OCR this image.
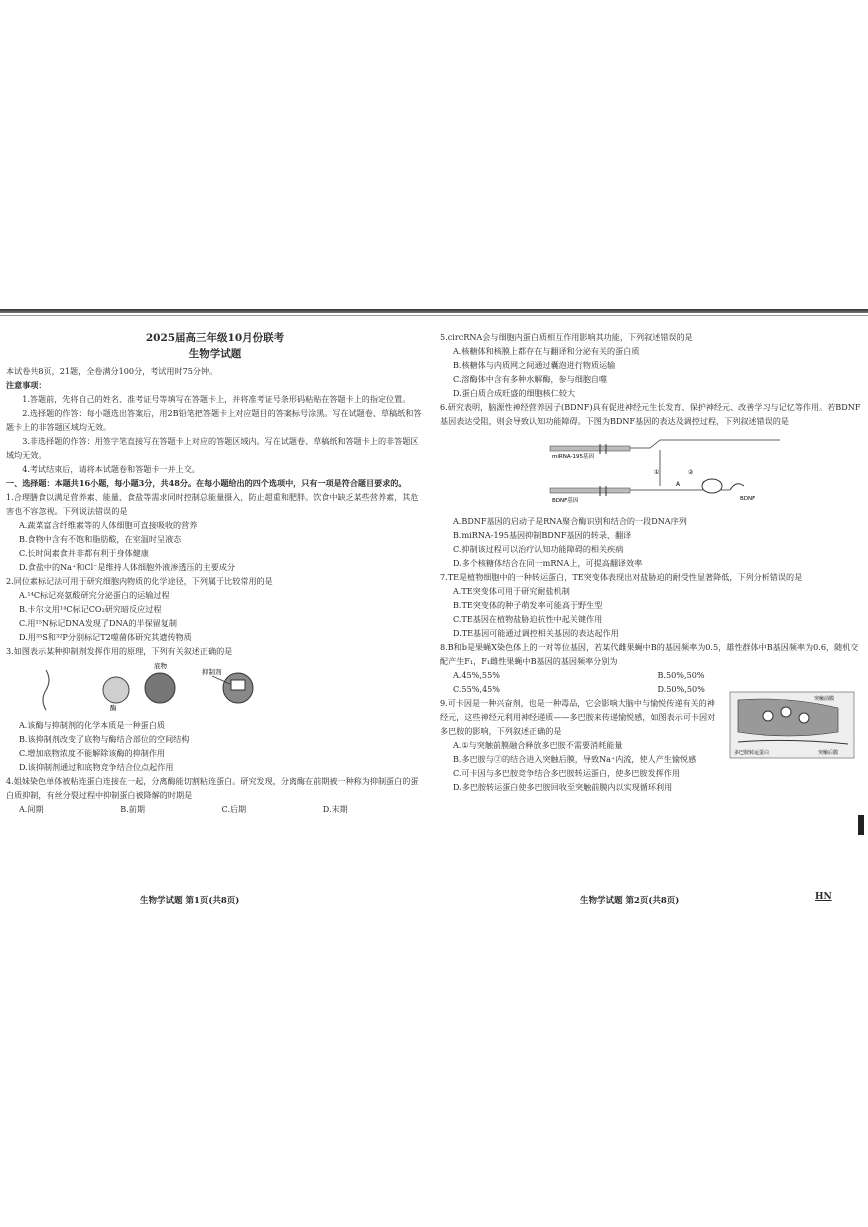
2025届高三年级10月份联考
生物学试题
本试卷共8页，21题，全卷满分100分，考试用时75分钟。
注意事项：
1.答题前，先将自己的姓名、准考证号等填写在答题卡上，并将准考证号条形码粘贴在答题卡上的指定位置。
2.选择题的作答：每小题选出答案后，用2B铅笔把答题卡上对应题目的答案标号涂黑。写在试题卷、草稿纸和答题卡上的非答题区域均无效。
3.非选择题的作答：用签字笔直接写在答题卡上对应的答题区域内。写在试题卷、草稿纸和答题卡上的非答题区域均无效。
4.考试结束后，请将本试题卷和答题卡一并上交。
一、选择题：本题共16小题，每小题3分，共48分。在每小题给出的四个选项中，只有一项是符合题目要求的。
1.合理膳食以满足营养素、能量、食盐等需求同时控制总能量摄入，防止超重和肥胖。饮食中缺乏某些营养素，其危害也不容忽视。下列说法错误的是
A.蔬菜富含纤维素等的人体细胞可直接吸收的营养
B.食物中含有不饱和脂肪酸，在室温时呈液态
C.长时间素食并非都有利于身体健康
D.食盐中的Na⁺和Cl⁻是维持人体细胞外液渗透压的主要成分
2.同位素标记法可用于研究细胞内物质的化学途径，下列属于比较常用的是
A.¹⁴C标记亮氨酸研究分泌蛋白的运输过程
B.卡尔文用¹⁴C标记CO₂研究暗反应过程
C.用¹⁵N标记DNA发现了DNA的半保留复制
D.用³⁵S和³²P分别标记T2噬菌体研究其遗传物质
3.如图表示某种抑制剂发挥作用的原理，下列有关叙述正确的是
底物
酶
抑制剂
A.该酶与抑制剂的化学本质是一种蛋白质
B.该抑制剂改变了底物与酶结合部位的空间结构
C.增加底物浓度不能解除该酶的抑制作用
D.该抑制剂通过和底物竞争结合位点起作用
4.姐妹染色单体被粘连蛋白连接在一起，分离酶能切割粘连蛋白。研究发现，分离酶在前期被一种称为抑制蛋白的蛋白质抑制，有丝分裂过程中抑制蛋白被降解的时期是
A.间期	B.前期	C.后期	D.末期
生物学试题 第1页(共8页)
5.circRNA会与细胞内蛋白质相互作用影响其功能，下列叙述错误的是
A.核糖体和核膜上都存在与翻译和分泌有关的蛋白质
B.核糖体与内质网之间通过囊泡进行物质运输
C.溶酶体中含有多种水解酶，参与细胞自噬
D.蛋白质合成旺盛的细胞核仁较大
6.研究表明，脑源性神经营养因子(BDNF)具有促进神经元生长发育、保护神经元、改善学习与记忆等作用。若BDNF基因表达受阻，则会导致认知功能障碍。下图为BDNF基因的表达及调控过程，下列叙述错误的是
miRNA-195基因
BDNF基因
①	②
A
BDNF
A.BDNF基因的启动子是RNA聚合酶识别和结合的一段DNA序列
B.miRNA-195基因抑制BDNF基因的转录、翻译
C.抑制该过程可以治疗认知功能障碍的相关疾病
D.多个核糖体结合在同一mRNA上，可提高翻译效率
7.TE是植物细胞中的一种转运蛋白，TE突变体表现出对盐胁迫的耐受性显著降低，下列分析错误的是
A.TE突变体可用于研究耐盐机制
B.TE突变体的种子萌发率可能高于野生型
C.TE基因在植物盐胁迫抗性中起关键作用
D.TE基因可能通过调控相关基因的表达起作用
8.B和b是果蝇X染色体上的一对等位基因，若某代雌果蝇中B的基因频率为0.5，雄性群体中B基因频率为0.6，随机交配产生F₁，F₁雌性果蝇中B基因的基因频率分别为
A.45%,55%	B.50%,50%
C.55%,45%	D.50%,50%
9.可卡因是一种兴奋剂，也是一种毒品，它会影响大脑中与愉悦传递有关的神经元，这些神经元利用神经递质——多巴胺来传递愉悦感，如图表示可卡因对多巴胺的影响，下列叙述正确的是
突触后膜
多巴胺转运蛋白
突触前膜
A.①与突触前膜融合释放多巴胺不需要消耗能量
B.多巴胺与②的结合进入突触后膜，导致Na⁺内流，使人产生愉悦感
C.可卡因与多巴胺竞争结合多巴胺转运蛋白，使多巴胺发挥作用
D.多巴胺转运蛋白使多巴胺回收至突触前膜内以实现循环利用
生物学试题 第2页(共8页)	HN
